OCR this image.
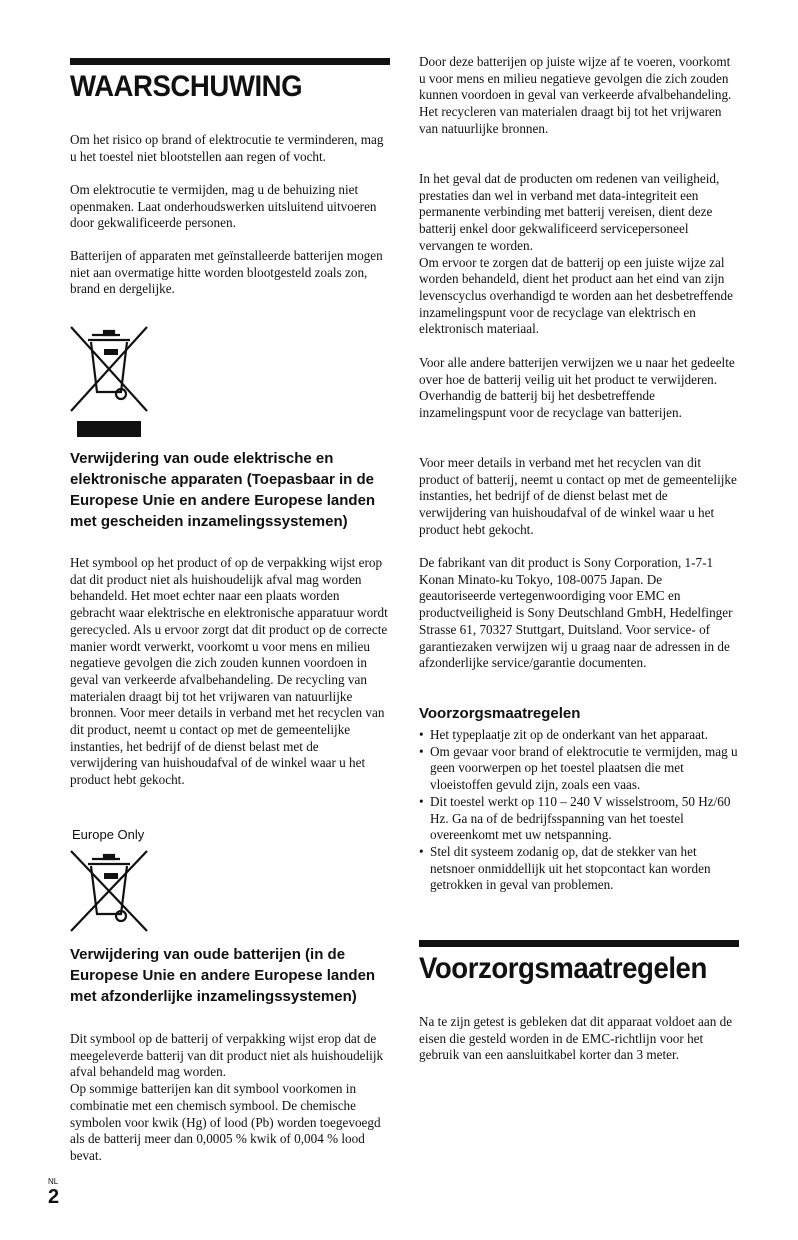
WAARSCHUWING

Om het risico op brand of elektrocutie te verminderen, mag u het toestel niet blootstellen aan regen of vocht.

Om elektrocutie te vermijden, mag u de behuizing niet openmaken. Laat onderhoudswerken uitsluitend uitvoeren door gekwalificeerde personen.

Batterijen of apparaten met geïnstalleerde batterijen mogen niet aan overmatige hitte worden blootgesteld zoals zon, brand en dergelijke.

Verwijdering van oude elektrische en elektronische apparaten (Toepasbaar in de Europese Unie en andere Europese landen met gescheiden inzamelingssystemen)

Het symbool op het product of op de verpakking wijst erop dat dit product niet als huishoudelijk afval mag worden behandeld. Het moet echter naar een plaats worden gebracht waar elektrische en elektronische apparatuur wordt gerecycled. Als u ervoor zorgt dat dit product op de correcte manier wordt verwerkt, voorkomt u voor mens en milieu negatieve gevolgen die zich zouden kunnen voordoen in geval van verkeerde afvalbehandeling. De recycling van materialen draagt bij tot het vrijwaren van natuurlijke bronnen. Voor meer details in verband met het recyclen van dit product, neemt u contact op met de gemeentelijke instanties, het bedrijf of de dienst belast met de verwijdering van huishoudafval of de winkel waar u het product hebt gekocht.

Europe Only

Verwijdering van oude batterijen (in de Europese Unie en andere Europese landen met afzonderlijke inzamelingssystemen)

Dit symbool op de batterij of verpakking wijst erop dat de meegeleverde batterij van dit product niet als huishoudelijk afval behandeld mag worden.
Op sommige batterijen kan dit symbool voorkomen in combinatie met een chemisch symbool. De chemische symbolen voor kwik (Hg) of lood (Pb) worden toegevoegd als de batterij meer dan 0,0005 % kwik of 0,004 % lood bevat.

Door deze batterijen op juiste wijze af te voeren, voorkomt u voor mens en milieu negatieve gevolgen die zich zouden kunnen voordoen in geval van verkeerde afvalbehandeling. Het recycleren van materialen draagt bij tot het vrijwaren van natuurlijke bronnen.

In het geval dat de producten om redenen van veiligheid, prestaties dan wel in verband met data-integriteit een permanente verbinding met batterij vereisen, dient deze batterij enkel door gekwalificeerd servicepersoneel vervangen te worden.
Om ervoor te zorgen dat de batterij op een juiste wijze zal worden behandeld, dient het product aan het eind van zijn levenscyclus overhandigd te worden aan het desbetreffende inzamelingspunt voor de recyclage van elektrisch en elektronisch materiaal.

Voor alle andere batterijen verwijzen we u naar het gedeelte over hoe de batterij veilig uit het product te verwijderen. Overhandig de batterij bij het desbetreffende inzamelingspunt voor de recyclage van batterijen.

Voor meer details in verband met het recyclen van dit product of batterij, neemt u contact op met de gemeentelijke instanties, het bedrijf of de dienst belast met de verwijdering van huishoudafval of de winkel waar u het product hebt gekocht.

De fabrikant van dit product is Sony Corporation, 1-7-1 Konan Minato-ku Tokyo, 108-0075 Japan. De geautoriseerde vertegenwoordiging voor EMC en productveiligheid is Sony Deutschland GmbH, Hedelfinger Strasse 61, 70327 Stuttgart, Duitsland. Voor service- of garantiezaken verwijzen wij u graag naar de adressen in de afzonderlijke service/garantie documenten.

Voorzorgsmaatregelen
• Het typeplaatje zit op de onderkant van het apparaat.
• Om gevaar voor brand of elektrocutie te vermijden, mag u geen voorwerpen op het toestel plaatsen die met vloeistoffen gevuld zijn, zoals een vaas.
• Dit toestel werkt op 110 – 240 V wisselstroom, 50 Hz/60 Hz. Ga na of de bedrijfsspanning van het toestel overeenkomt met uw netspanning.
• Stel dit systeem zodanig op, dat de stekker van het netsnoer onmiddellijk uit het stopcontact kan worden getrokken in geval van problemen.
Voorzorgsmaatregelen

Na te zijn getest is gebleken dat dit apparaat voldoet aan de eisen die gesteld worden in de EMC-richtlijn voor het gebruik van een aansluitkabel korter dan 3 meter.

NL

2
